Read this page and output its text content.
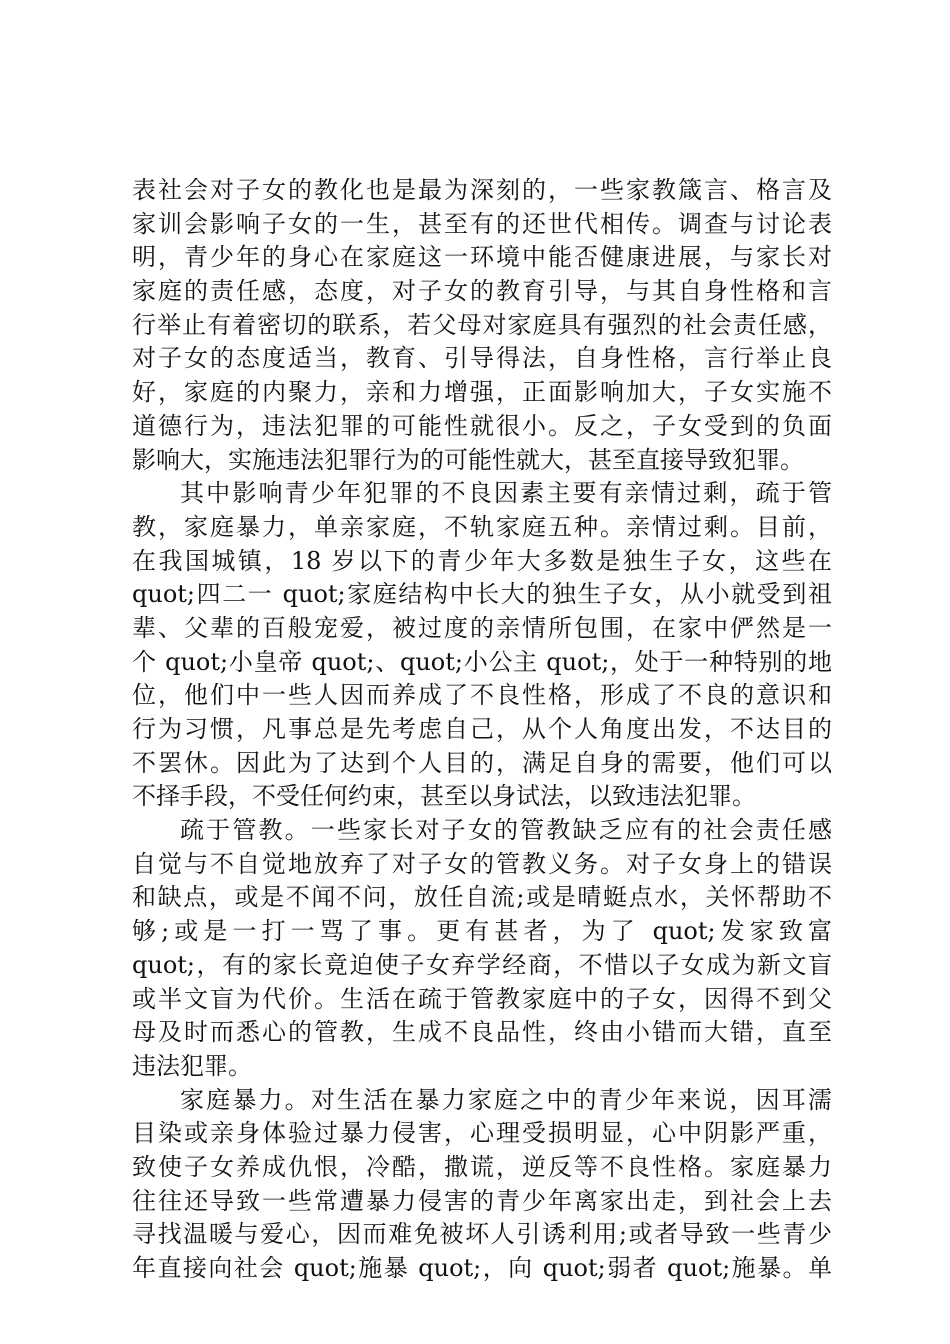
表社会对子女的教化也是最为深刻的，一些家教箴言、格言及
家训会影响子女的一生，甚至有的还世代相传。调查与讨论表
明，青少年的身心在家庭这一环境中能否健康进展，与家长对
家庭的责任感，态度，对子女的教育引导，与其自身性格和言
行举止有着密切的联系，若父母对家庭具有强烈的社会责任感，
对子女的态度适当，教育、引导得法，自身性格，言行举止良
好，家庭的内聚力，亲和力增强，正面影响加大，子女实施不
道德行为，违法犯罪的可能性就很小。反之，子女受到的负面
影响大，实施违法犯罪行为的可能性就大，甚至直接导致犯罪。
其中影响青少年犯罪的不良因素主要有亲情过剩，疏于管
教，家庭暴力，单亲家庭，不轨家庭五种。亲情过剩。目前，
在我国城镇，18 岁以下的青少年大多数是独生子女，这些在
quot;四二一 quot;家庭结构中长大的独生子女，从小就受到祖
辈、父辈的百般宠爱，被过度的亲情所包围，在家中俨然是一
个 quot;小皇帝 quot;、quot;小公主 quot;，处于一种特别的地
位，他们中一些人因而养成了不良性格，形成了不良的意识和
行为习惯，凡事总是先考虑自己，从个人角度出发，不达目的
不罢休。因此为了达到个人目的，满足自身的需要，他们可以
不择手段，不受任何约束，甚至以身试法，以致违法犯罪。
疏于管教。一些家长对子女的管教缺乏应有的社会责任感
自觉与不自觉地放弃了对子女的管教义务。对子女身上的错误
和缺点，或是不闻不问，放任自流;或是晴蜓点水，关怀帮助不
够;或是一打一骂了事。更有甚者，为了 quot;发家致富
quot;，有的家长竟迫使子女弃学经商，不惜以子女成为新文盲
或半文盲为代价。生活在疏于管教家庭中的子女，因得不到父
母及时而悉心的管教，生成不良品性，终由小错而大错，直至
违法犯罪。
家庭暴力。对生活在暴力家庭之中的青少年来说，因耳濡
目染或亲身体验过暴力侵害，心理受损明显，心中阴影严重，
致使子女养成仇恨，冷酷，撒谎，逆反等不良性格。家庭暴力
往往还导致一些常遭暴力侵害的青少年离家出走，到社会上去
寻找温暖与爱心，因而难免被坏人引诱利用;或者导致一些青少
年直接向社会 quot;施暴 quot;，向 quot;弱者 quot;施暴。单
